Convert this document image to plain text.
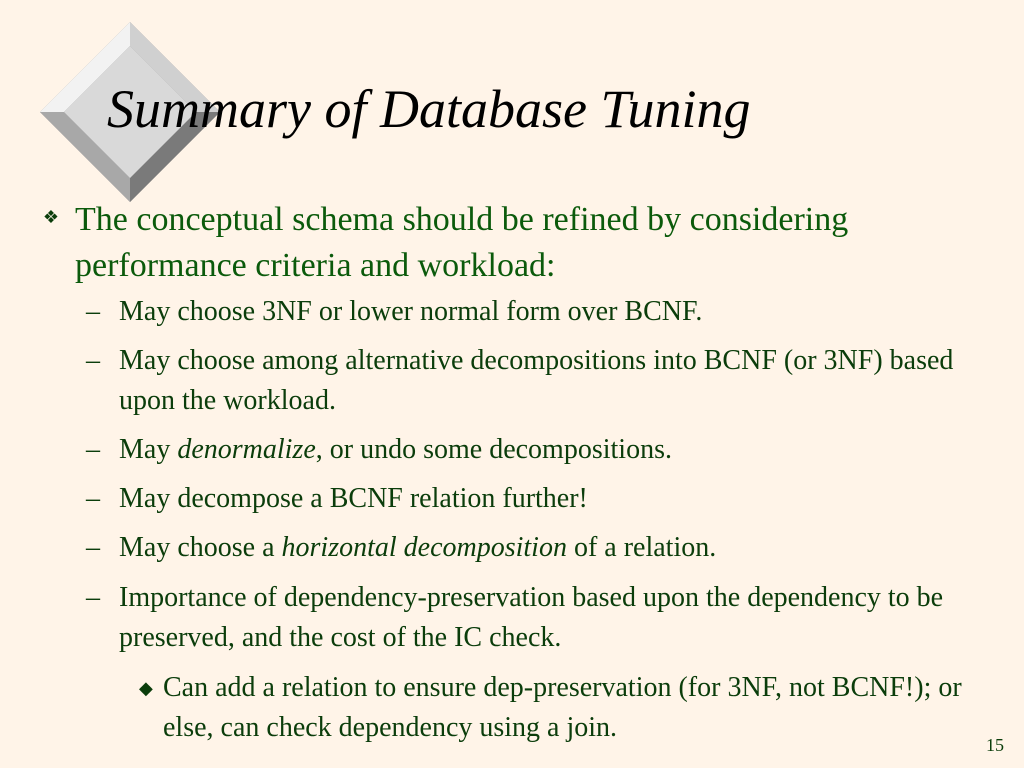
Summary of Database Tuning
❖ The conceptual schema should be refined by considering performance criteria and workload:
– May choose 3NF or lower normal form over BCNF.
– May choose among alternative decompositions into BCNF (or 3NF) based upon the workload.
– May denormalize, or undo some decompositions.
– May decompose a BCNF relation further!
– May choose a horizontal decomposition of a relation.
– Importance of dependency-preservation based upon the dependency to be preserved, and the cost of the IC check.
◆ Can add a relation to ensure dep-preservation (for 3NF, not BCNF!); or else, can check dependency using a join.
15
